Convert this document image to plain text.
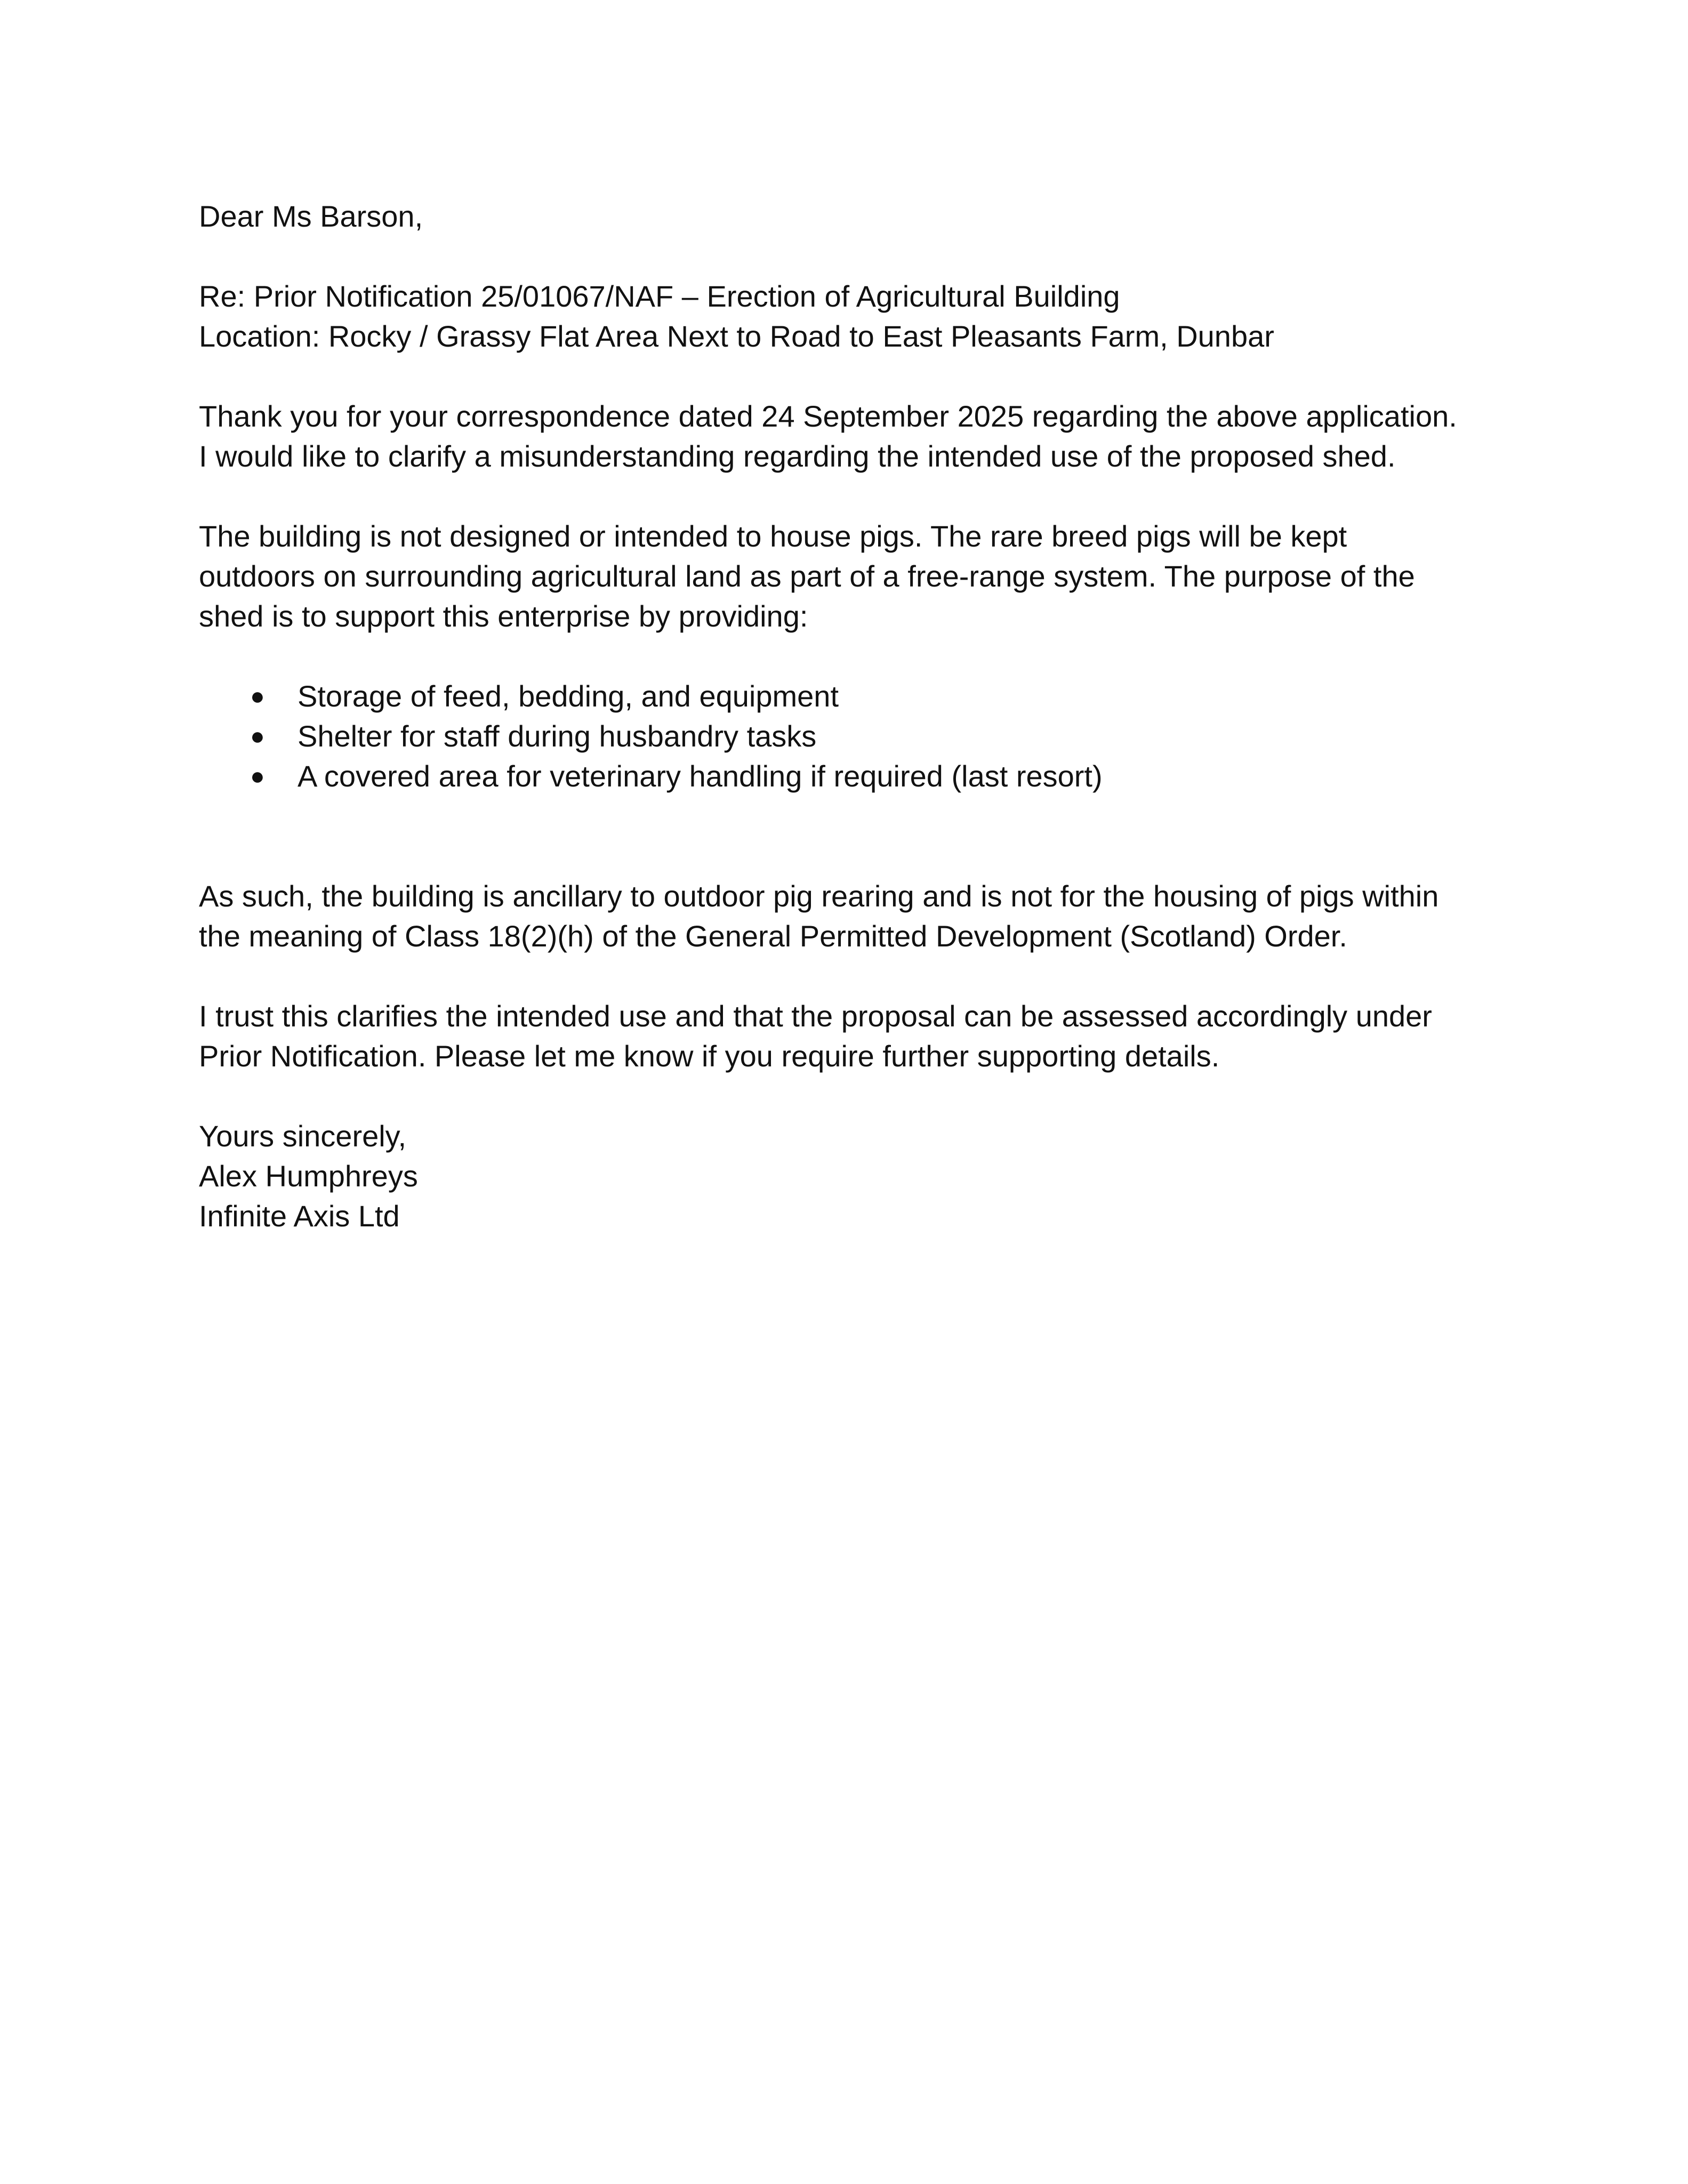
Dear Ms Barson,

Re: Prior Notification 25/01067/NAF – Erection of Agricultural Building

Location: Rocky / Grassy Flat Area Next to Road to East Pleasants Farm, Dunbar

Thank you for your correspondence dated 24 September 2025 regarding the above application.

I would like to clarify a misunderstanding regarding the intended use of the proposed shed.

The building is not designed or intended to house pigs. The rare breed pigs will be kept

outdoors on surrounding agricultural land as part of a free-range system. The purpose of the

shed is to support this enterprise by providing:

● Storage of feed, bedding, and equipment
● Shelter for staff during husbandry tasks
● A covered area for veterinary handling if required (last resort)

As such, the building is ancillary to outdoor pig rearing and is not for the housing of pigs within

the meaning of Class 18(2)(h) of the General Permitted Development (Scotland) Order.

I trust this clarifies the intended use and that the proposal can be assessed accordingly under

Prior Notification. Please let me know if you require further supporting details.

Yours sincerely,

Alex Humphreys

Infinite Axis Ltd
